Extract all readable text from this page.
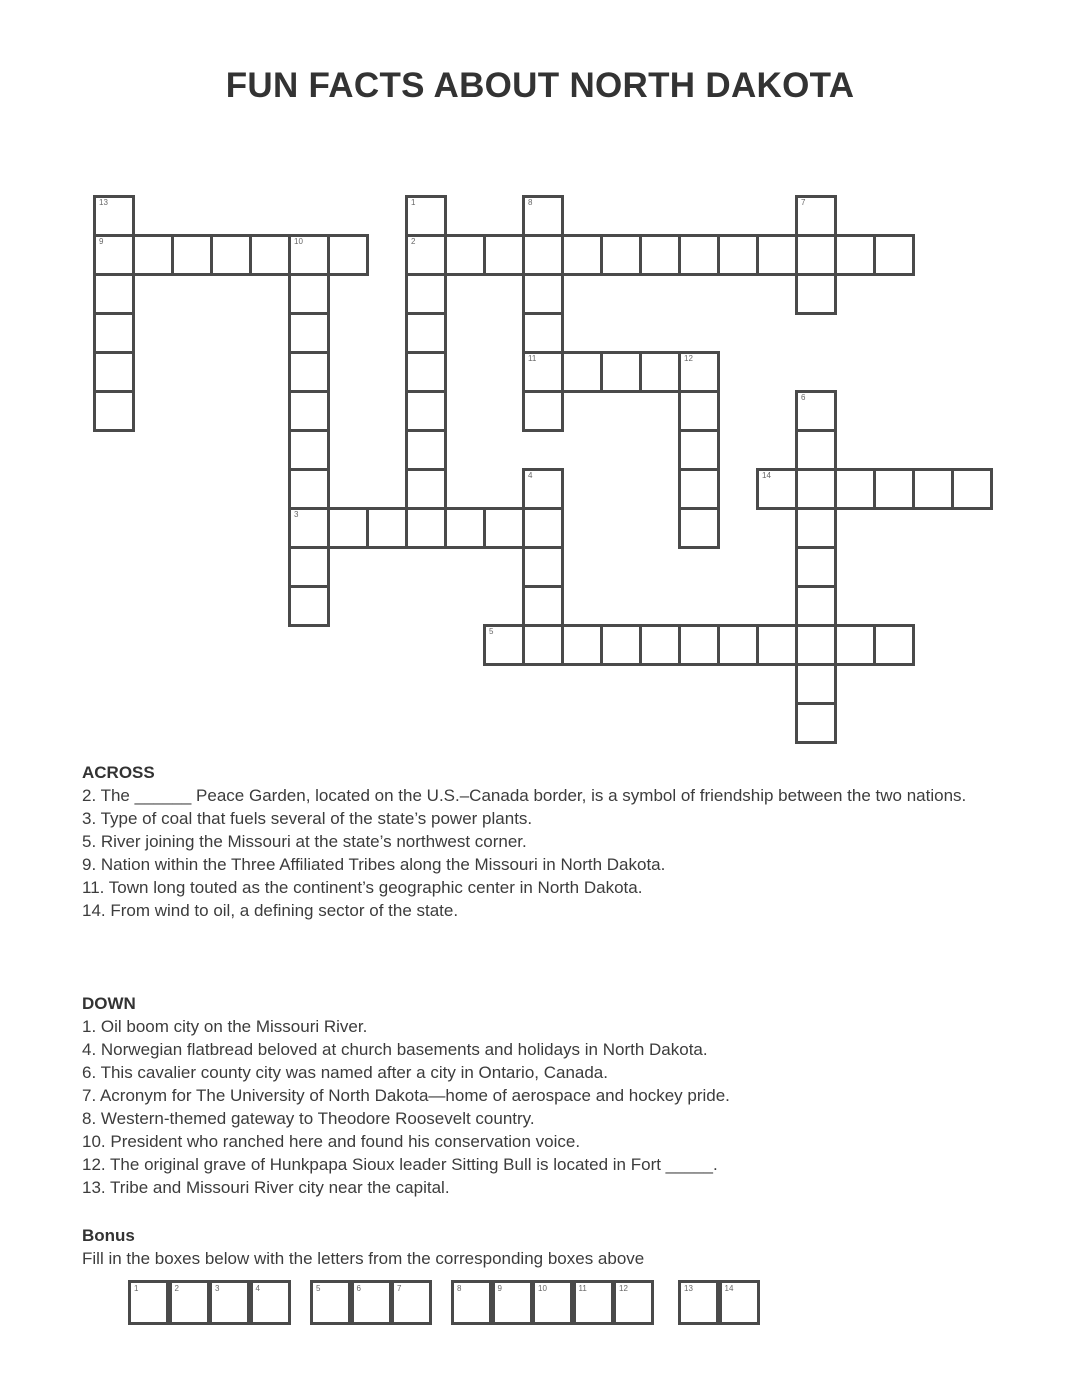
FUN FACTS ABOUT NORTH DAKOTA
13
9	10
3
1
2
8
11
7
12
6
14
4
5
ACROSS

2. The ______ Peace Garden, located on the U.S.–Canada border, is a symbol of friendship between the two nations.

3. Type of coal that fuels several of the state’s power plants.

5. River joining the Missouri at the state’s northwest corner.

9. Nation within the Three Affiliated Tribes along the Missouri in North Dakota.

11. Town long touted as the continent’s geographic center in North Dakota.

14. From wind to oil, a defining sector of the state.

DOWN

1. Oil boom city on the Missouri River.

4. Norwegian flatbread beloved at church basements and holidays in North Dakota.

6. This cavalier county city was named after a city in Ontario, Canada.

7. Acronym for The University of North Dakota—home of aerospace and hockey pride.

8. Western-themed gateway to Theodore Roosevelt country.

10. President who ranched here and found his conservation voice.

12. The original grave of Hunkpapa Sioux leader Sitting Bull is located in Fort _____.

13. Tribe and Missouri River city near the capital.

Bonus

Fill in the boxes below with the letters from the corresponding boxes above

1	2	3	4	5	6	7	8	9	10	11	12	13	14
